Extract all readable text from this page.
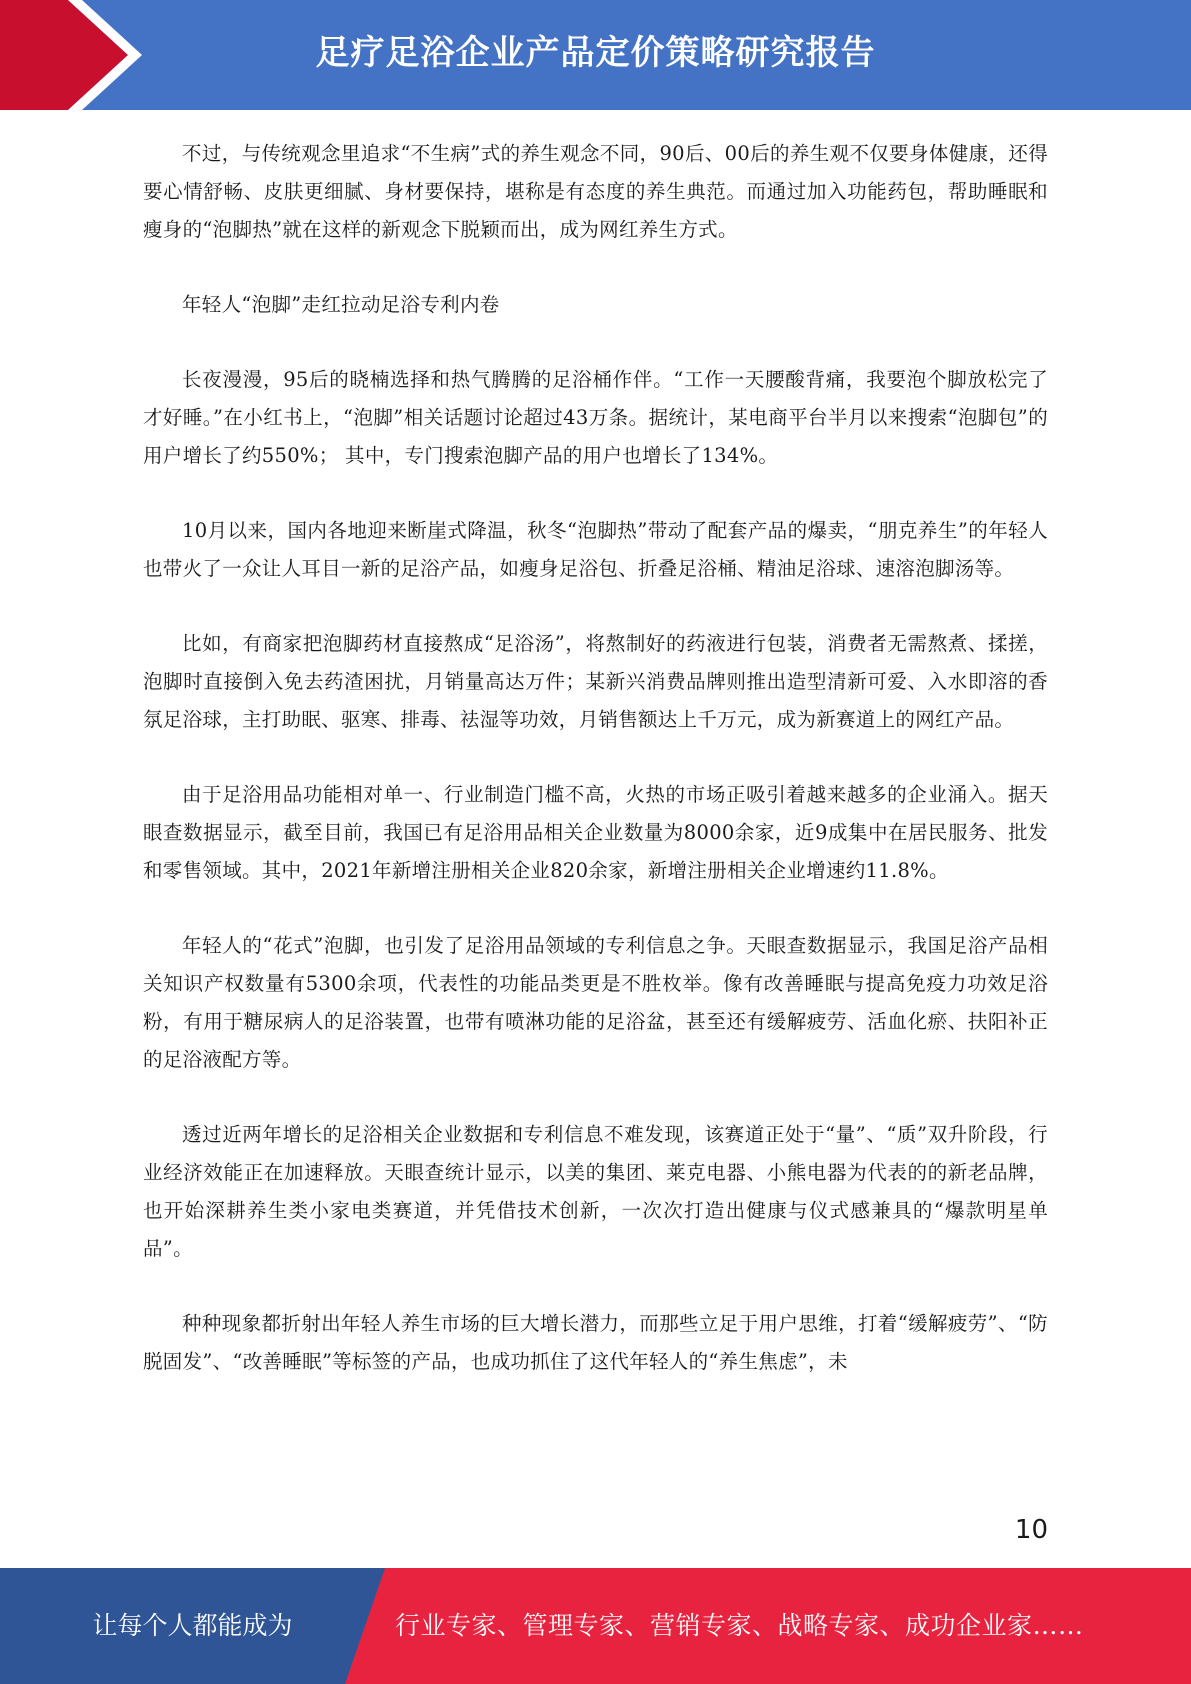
足疗足浴企业产品定价策略研究报告

不过，与传统观念里追求“不生病”式的养生观念不同，90后、00后的养生观不仅要身体健康，还得要心情舒畅、皮肤更细腻、身材要保持，堪称是有态度的养生典范。而通过加入功能药包，帮助睡眠和瘦身的“泡脚热”就在这样的新观念下脱颖而出，成为网红养生方式。

年轻人“泡脚”走红拉动足浴专利内卷

长夜漫漫，95后的晓楠选择和热气腾腾的足浴桶作伴。“工作一天腰酸背痛，我要泡个脚放松完了才好睡。”在小红书上，“泡脚”相关话题讨论超过43万条。据统计，某电商平台半月以来搜索“泡脚包”的用户增长了约550%； 其中，专门搜索泡脚产品的用户也增长了134%。

10月以来，国内各地迎来断崖式降温，秋冬“泡脚热”带动了配套产品的爆卖，“朋克养生”的年轻人也带火了一众让人耳目一新的足浴产品，如瘦身足浴包、折叠足浴桶、精油足浴球、速溶泡脚汤等。

比如，有商家把泡脚药材直接熬成“足浴汤”，将熬制好的药液进行包装，消费者无需熬煮、揉搓，泡脚时直接倒入免去药渣困扰，月销量高达万件；某新兴消费品牌则推出造型清新可爱、入水即溶的香氛足浴球，主打助眠、驱寒、排毒、祛湿等功效，月销售额达上千万元，成为新赛道上的网红产品。

由于足浴用品功能相对单一、行业制造门槛不高，火热的市场正吸引着越来越多的企业涌入。据天眼查数据显示，截至目前，我国已有足浴用品相关企业数量为8000余家，近9成集中在居民服务、批发和零售领域。其中，2021年新增注册相关企业820余家，新增注册相关企业增速约11.8%。

年轻人的“花式”泡脚，也引发了足浴用品领域的专利信息之争。天眼查数据显示，我国足浴产品相关知识产权数量有5300余项，代表性的功能品类更是不胜枚举。像有改善睡眠与提高免疫力功效足浴粉，有用于糖尿病人的足浴装置，也带有喷淋功能的足浴盆，甚至还有缓解疲劳、活血化瘀、扶阳补正的足浴液配方等。

透过近两年增长的足浴相关企业数据和专利信息不难发现，该赛道正处于“量”、“质”双升阶段，行业经济效能正在加速释放。天眼查统计显示，以美的集团、莱克电器、小熊电器为代表的的新老品牌，也开始深耕养生类小家电类赛道，并凭借技术创新，一次次打造出健康与仪式感兼具的“爆款明星单品”。

种种现象都折射出年轻人养生市场的巨大增长潜力，而那些立足于用户思维，打着“缓解疲劳”、“防脱固发”、“改善睡眠”等标签的产品，也成功抓住了这代年轻人的“养生焦虑”，未

10
让每个人都能成为	行业专家、管理专家、营销专家、战略专家、成功企业家……
